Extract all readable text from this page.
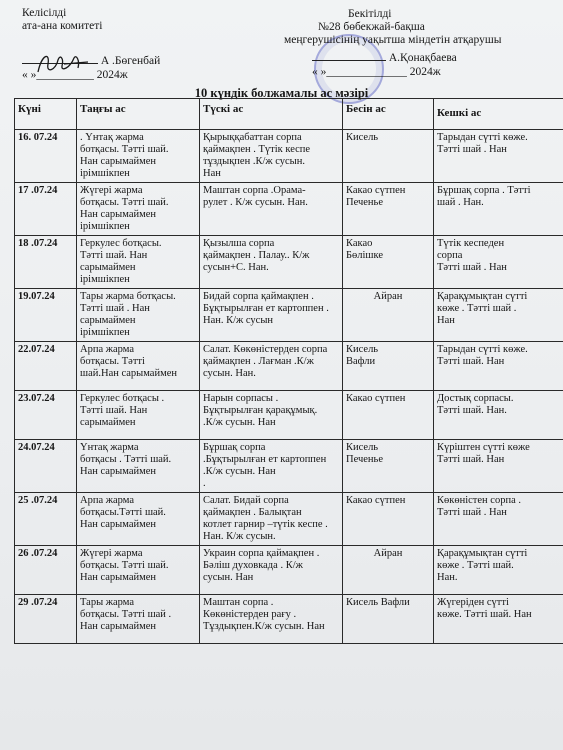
Келісілді
ата-ана комитеті
А .Бөгенбай
« »__________ 2024ж
Бекітілді
№28 бөбекжай-бақша
меңгерушісінің уақытша міндетін атқарушы
А.Қонақбаева
« »______________ 2024ж
10 күндік болжамалы ас мәзірі
Күні	Таңғы ас	Түскі ас	Бесін ас	Кешкі ас
16. 07.24	. Үнтақ жарма
ботқасы. Тәтті шай.
Нан сарымаймен
ірімшікпен	Қырыққабаттан сорпа
қаймақпен . Түтік кеспе
тұздықпен .К/ж сусын.
Нан	Кисель	Тарыдан сүтті көже.
Тәтті шай . Нан
17 .07.24	Жүгері жарма
ботқасы. Тәтті шай.
Нан сарымаймен
ірімшікпен	Маштан сорпа .Орама-
рулет . К/ж сусын. Нан.	Какао сүтпен
Печенье	Бұршақ сорпа . Тәтті
шай . Нан.
18 .07.24	Геркулес ботқасы.
Тәтті шай. Нан
сарымаймен
ірімшікпен	Қызылша сорпа
қаймақпен . Палау.. К/ж
сусын+С. Нан.	Какао
Бөлішке	Түтік кеспеден
сорпа
Тәтті шай . Нан
19.07.24	Тары жарма ботқасы.
Тәтті шай . Нан
сарымаймен
ірімшікпен	Бидай сорпа қаймақпен .
Бұқтырылған ет картоппен .
Нан. К/ж сусын	Айран	Қарақұмықтан сүтті
көже . Тәтті шай .
Нан
22.07.24	Арпа жарма
ботқасы. Тәтті
шай.Нан сарымаймен	Салат. Көкөністерден сорпа
қаймақпен . Лағман .К/ж
сусын. Нан.	Кисель
Вафли	Тарыдан сүтті көже.
Тәтті шай. Нан
23.07.24	Геркулес ботқасы .
Тәтті шай. Нан
сарымаймен	Нарын сорпасы .
Бұқтырылған қарақұмық.
.К/ж сусын. Нан	Какао сүтпен	Достық сорпасы.
Тәтті шай. Нан.
24.07.24	Үнтақ жарма
ботқасы . Тәтті шай.
Нан сарымаймен	Бұршақ сорпа
.Бұқтырылған ет картоппен
.К/ж сусын. Нан
.	Кисель
Печенье	Күріштен сүтті көже
Тәтті шай. Нан
25 .07.24	Арпа жарма
ботқасы.Тәтті шай.
Нан сарымаймен	Салат. Бидай сорпа
қаймақпен . Балықтан
котлет гарнир –түтік кеспе .
Нан. К/ж сусын.	Какао сүтпен	Көкөністен сорпа .
Тәтті шай . Нан
26 .07.24	Жүгері жарма
ботқасы. Тәтті шай.
Нан сарымаймен	Украин сорпа қаймақпен .
Бәліш духовкада . К/ж
сусын. Нан	Айран	Қарақұмықтан сүтті
көже . Тәтті шай.
Нан.
29 .07.24	Тары жарма
ботқасы. Тәтті шай .
Нан сарымаймен	Маштан сорпа .
Көкөністерден рағу .
Тұздықпен.К/ж сусын. Нан	Кисель Вафли	Жүгеріден сүтті
көже. Тәтті шай. Нан
